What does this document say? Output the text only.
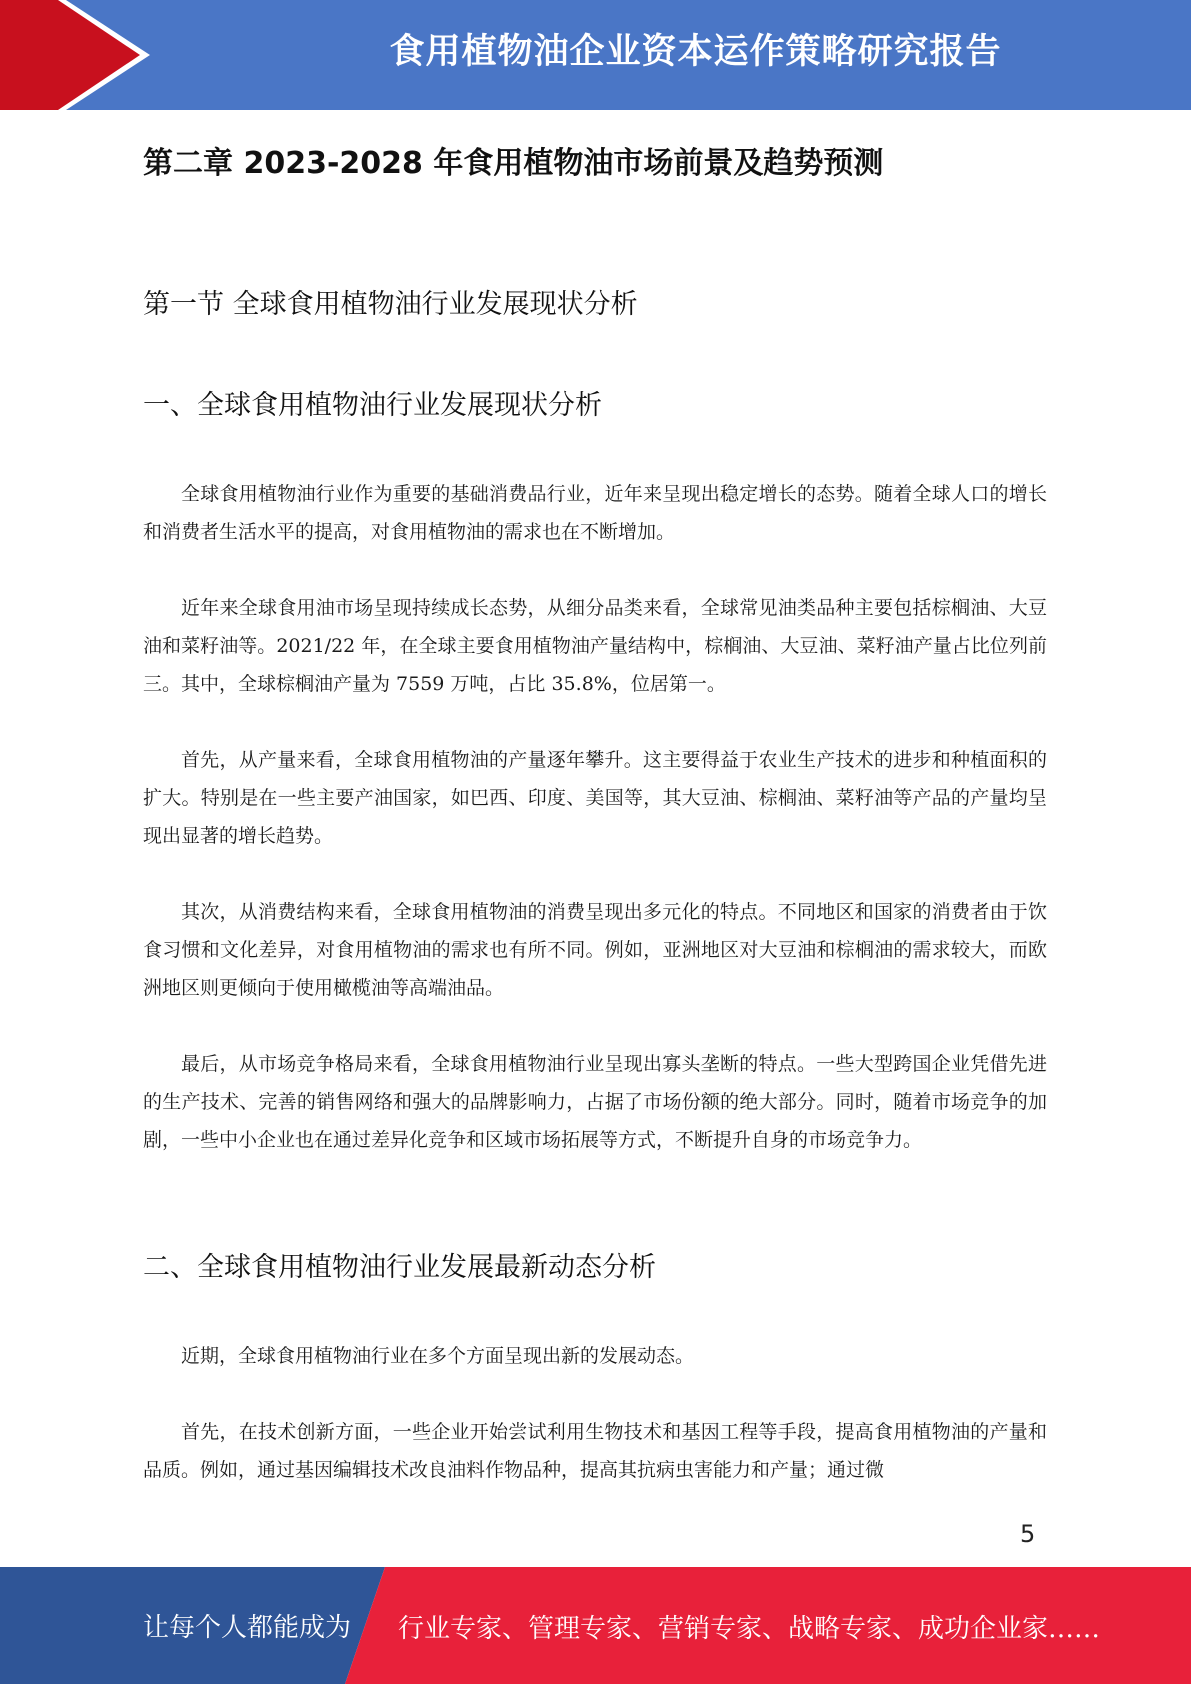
食用植物油企业资本运作策略研究报告
第二章 2023-2028 年食用植物油市场前景及趋势预测
第一节 全球食用植物油行业发展现状分析
一、全球食用植物油行业发展现状分析

全球食用植物油行业作为重要的基础消费品行业，近年来呈现出稳定增长的态势。随着全球人口的增长和消费者生活水平的提高，对食用植物油的需求也在不断增加。

近年来全球食用油市场呈现持续成长态势，从细分品类来看，全球常见油类品种主要包括棕榈油、大豆油和菜籽油等。2021/22 年，在全球主要食用植物油产量结构中，棕榈油、大豆油、菜籽油产量占比位列前三。其中，全球棕榈油产量为 7559 万吨，占比 35.8%，位居第一。

首先，从产量来看，全球食用植物油的产量逐年攀升。这主要得益于农业生产技术的进步和种植面积的扩大。特别是在一些主要产油国家，如巴西、印度、美国等，其大豆油、棕榈油、菜籽油等产品的产量均呈现出显著的增长趋势。

其次，从消费结构来看，全球食用植物油的消费呈现出多元化的特点。不同地区和国家的消费者由于饮食习惯和文化差异，对食用植物油的需求也有所不同。例如，亚洲地区对大豆油和棕榈油的需求较大，而欧洲地区则更倾向于使用橄榄油等高端油品。

最后，从市场竞争格局来看，全球食用植物油行业呈现出寡头垄断的特点。一些大型跨国企业凭借先进的生产技术、完善的销售网络和强大的品牌影响力，占据了市场份额的绝大部分。同时，随着市场竞争的加剧，一些中小企业也在通过差异化竞争和区域市场拓展等方式，不断提升自身的市场竞争力。

二、全球食用植物油行业发展最新动态分析

近期，全球食用植物油行业在多个方面呈现出新的发展动态。

首先，在技术创新方面，一些企业开始尝试利用生物技术和基因工程等手段，提高食用植物油的产量和品质。例如，通过基因编辑技术改良油料作物品种，提高其抗病虫害能力和产量；通过微

5
让每个人都能成为 行业专家、管理专家、营销专家、战略专家、成功企业家……
